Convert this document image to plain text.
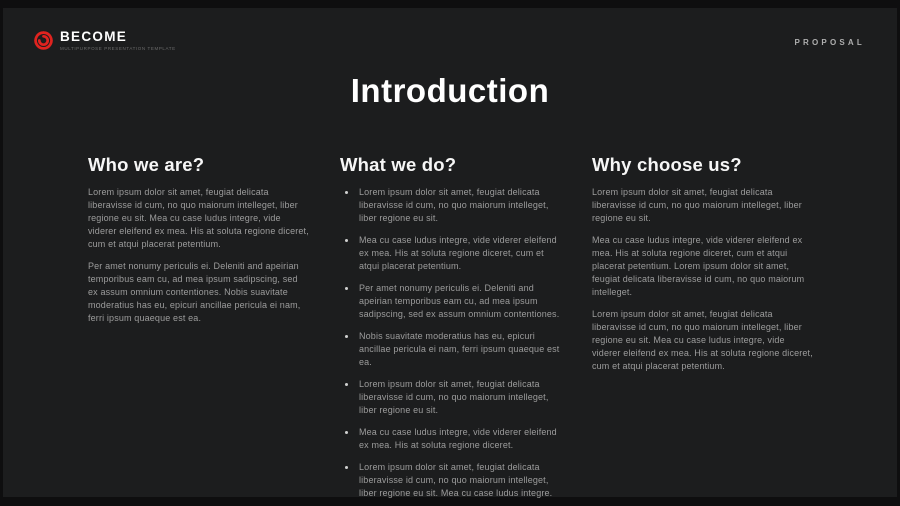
BECOME
MULTIPURPOSE PRESENTATION TEMPLATE
PROPOSAL
Introduction
Who we are?

Lorem ipsum dolor sit amet, feugiat delicata liberavisse id cum, no quo maiorum intelleget, liber regione eu sit. Mea cu case ludus integre, vide viderer eleifend ex mea. His at soluta regione diceret, cum et atqui placerat petentium.

Per amet nonumy periculis ei. Deleniti and apeirian temporibus eam cu, ad mea ipsum sadipscing, sed ex assum omnium contentiones. Nobis suavitate moderatius has eu, epicuri ancillae pericula ei nam, ferri ipsum quaeque est ea.

What we do?
Lorem ipsum dolor sit amet, feugiat delicata liberavisse id cum, no quo maiorum intelleget, liber regione eu sit.
Mea cu case ludus integre, vide viderer eleifend ex mea. His at soluta regione diceret, cum et atqui placerat petentium.
Per amet nonumy periculis ei. Deleniti and apeirian temporibus eam cu, ad mea ipsum sadipscing, sed ex assum omnium contentiones.
Nobis suavitate moderatius has eu, epicuri ancillae pericula ei nam, ferri ipsum quaeque est ea.
Lorem ipsum dolor sit amet, feugiat delicata liberavisse id cum, no quo maiorum intelleget, liber regione eu sit.
Mea cu case ludus integre, vide viderer eleifend ex mea. His at soluta regione diceret.
Lorem ipsum dolor sit amet, feugiat delicata liberavisse id cum, no quo maiorum intelleget, liber regione eu sit. Mea cu case ludus integre.
Why choose us?

Lorem ipsum dolor sit amet, feugiat delicata liberavisse id cum, no quo maiorum intelleget, liber regione eu sit.

Mea cu case ludus integre, vide viderer eleifend ex mea. His at soluta regione diceret, cum et atqui placerat petentium. Lorem ipsum dolor sit amet, feugiat delicata liberavisse id cum, no quo maiorum intelleget.

Lorem ipsum dolor sit amet, feugiat delicata liberavisse id cum, no quo maiorum intelleget, liber regione eu sit. Mea cu case ludus integre, vide viderer eleifend ex mea. His at soluta regione diceret, cum et atqui placerat petentium.
